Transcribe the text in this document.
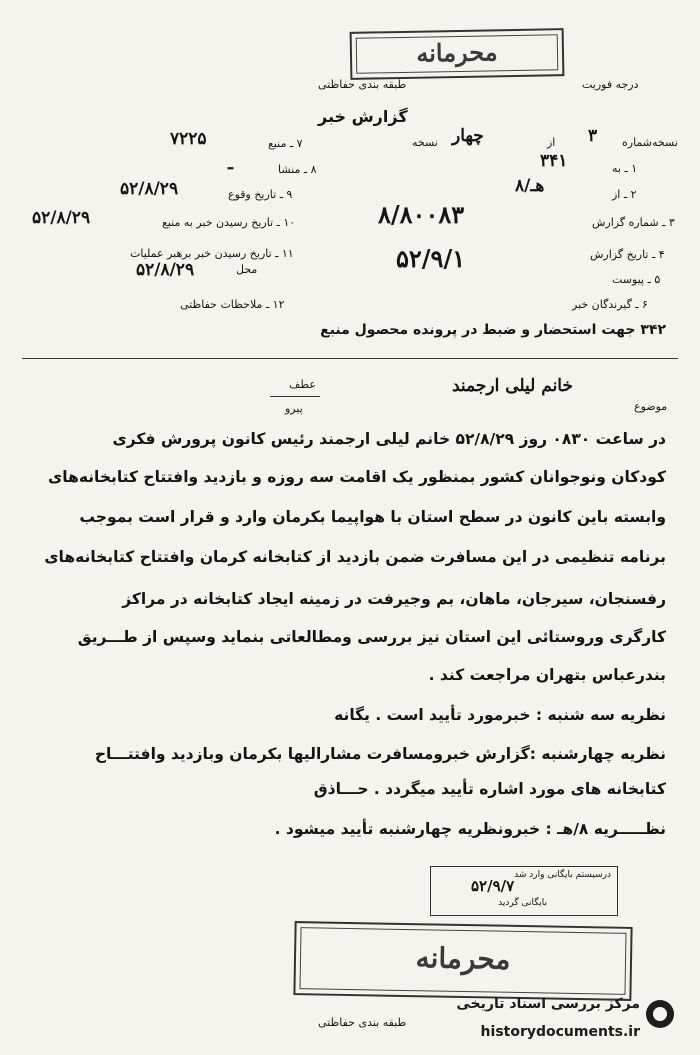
محرمانه
طبقه بندی حفاظتی	درجه فوریت
گزارش خبر
۷ ـ منبع
۷۲۲۵
۸ ـ منشا
ـ
۹ ـ تاریخ وقوع
۵۲/۸/۲۹
۱۰ ـ تاریخ رسیدن خبر به منبع
۵۲/۸/۲۹
۱۱ ـ تاریخ رسیدن خبر برهبر عملیات
محل
۵۲/۸/۲۹
۱۲ ـ ملاحظات حفاظتی
نسخه‌شماره
۳
از
چهار
نسخه
۱ ـ به
۳۴۱
۲ ـ از
۸/هـ
۳ ـ شماره گزارش
۸/۸۰۰۸۳
۴ ـ تاریخ گزارش
۵۲/۹/۱
۵ ـ پیوست
۶ ـ گیرندگان خبر
۳۴۲ جهت استحضار و ضبط در پرونده محصول منبع
موضوع
خانم لیلی ارجمند
عطف
پیرو
در ساعت ۰۸۳۰ روز ۵۲/۸/۲۹ خانم لیلی ارجمند رئیس کانون پرورش فکری
کودکان ونوجوانان کشور بمنظور یک اقامت سه روزه و بازدید وافتتاح کتابخانه‌های
وابسته باین کانون در سطح استان با هواپیما بکرمان وارد و قرار است بموجب
برنامه تنظیمی در این مسافرت ضمن بازدید از کتابخانه کرمان وافتتاح کتابخانه‌های
رفسنجان، سیرجان، ماهان، بم وجیرفت در زمینه ایجاد کتابخانه در مراکز
کارگری وروستائی این استان نیز بررسی ومطالعاتی بنماید وسپس از طـــریق
بندرعباس بتهران مراجعت کند .
نظریه سه شنبه : خبرمورد تأیید است . یگانه
نظریه چهارشنبه :گزارش خبرومسافرت مشارالیها بکرمان وبازدید وافتتـــاح
کتابخانه های مورد اشاره تأیید میگردد . حـــاذق
نظـــــریه ۸/هـ : خبرونظریه چهارشنبه تأیید میشود .
درسیستم بایگانی وارد شد
۵۲/۹/۷
بایگانی گردید
محرمانه
طبقه بندی حفاظتی
مرکز بررسی اسناد تاریخی
historydocuments.ir
